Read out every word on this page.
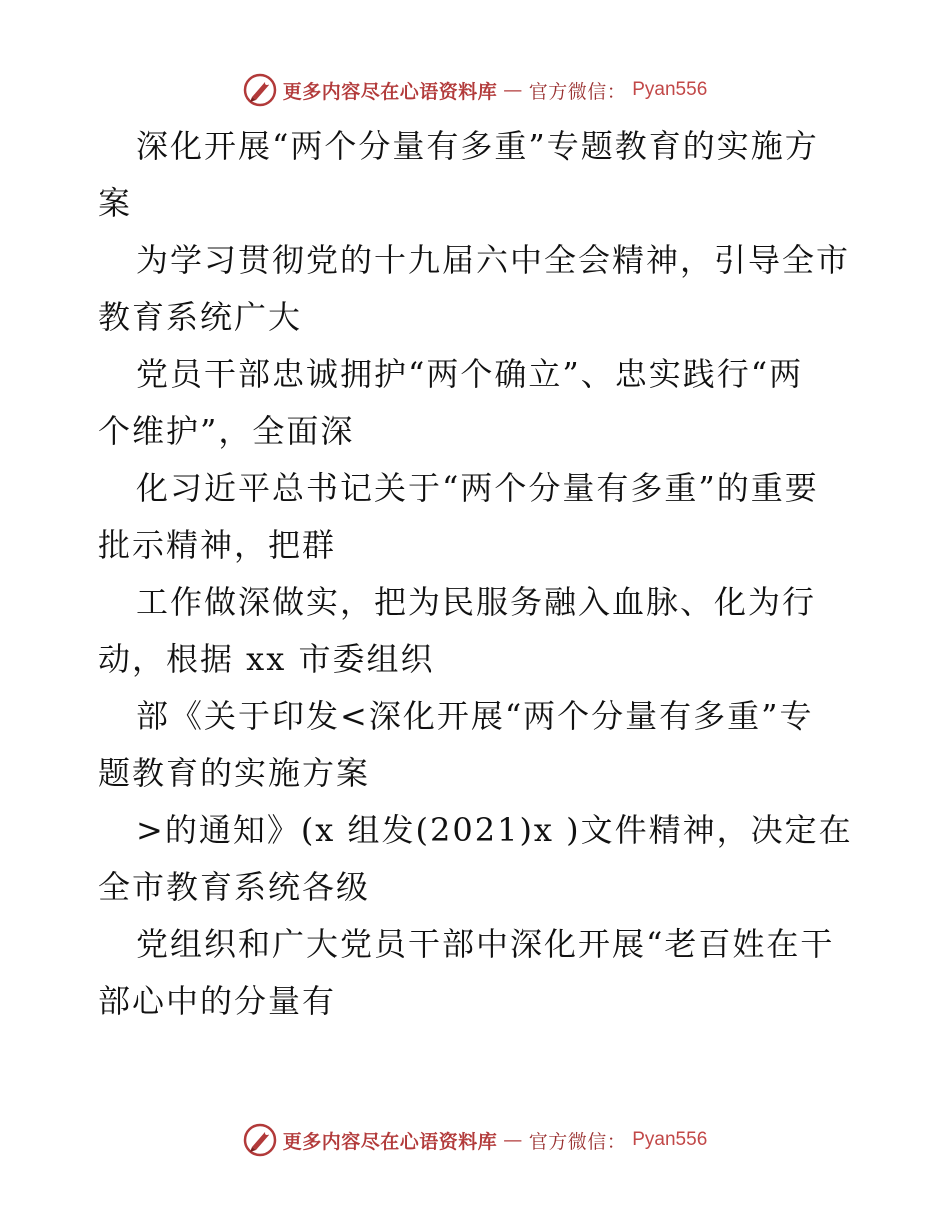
更多内容尽在心语资料库 — 官方微信： Pyan556
深化开展“两个分量有多重”专题教育的实施方
案
为学习贯彻党的十九届六中全会精神，引导全市
教育系统广大
党员干部忠诚拥护“两个确立”、忠实践行“两
个维护”，全面深
化习近平总书记关于“两个分量有多重”的重要
批示精神，把群
工作做深做实，把为民服务融入血脉、化为行
动，根据 xx 市委组织
部《关于印发<深化开展“两个分量有多重”专
题教育的实施方案
>的通知》(x 组发(2021)x )文件精神，决定在
全市教育系统各级
党组织和广大党员干部中深化开展“老百姓在干
部心中的分量有
更多内容尽在心语资料库 — 官方微信： Pyan556
